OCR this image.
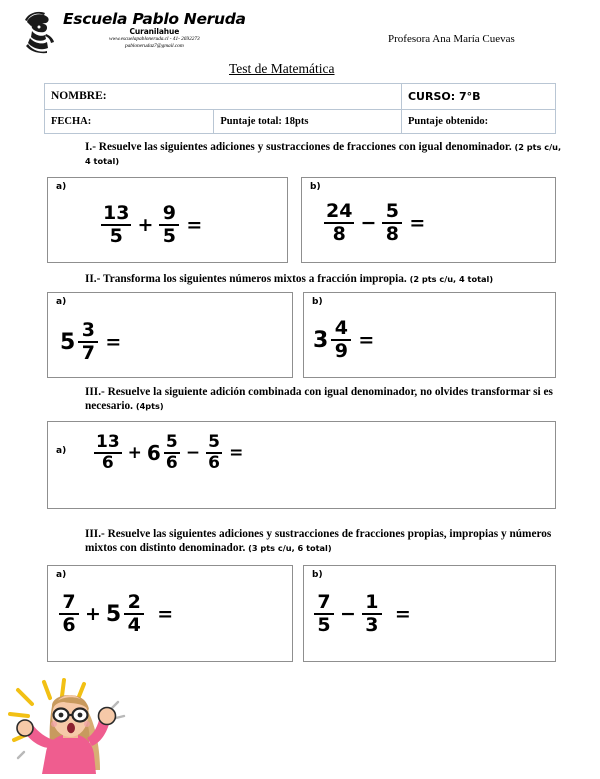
Escuela Pablo Neruda
Curanilahue
www.escuelapabloneruda.cl - 41- 2692273
pablonerudaz7@gmail.com
Profesora Ana María Cuevas
Test de Matemática
NOMBRE:		CURSO: 7°B
FECHA:	Puntaje total: 18pts	Puntaje obtenido:
I.- Resuelve las siguientes adiciones y sustracciones de fracciones con igual denominador. (2 pts c/u, 4 total)
a)
$\frac{13}{5} + \frac{9}{5}$ =
b)
$\frac{24}{8} - \frac{5}{8}$ =
II.- Transforma los siguientes números mixtos a fracción impropia. (2 pts c/u, 4 total)
a)
$5 \frac{3}{7}$ =
b)
$3 \frac{4}{9}$ =
III.- Resuelve la siguiente adición combinada con igual denominador, no olvides transformar si es necesario. (4pts)
$a) \frac{13}{6} + 6 \frac{5}{6} - \frac{5}{6}$ =
III.- Resuelve las siguientes adiciones y sustracciones de fracciones propias, impropias y números mixtos con distinto denominador. (3 pts c/u, 6 total)
a)
$\frac{7}{6} + 5 \frac{2}{4}$ =
b)
$\frac{7}{5} - \frac{1}{3}$ =
